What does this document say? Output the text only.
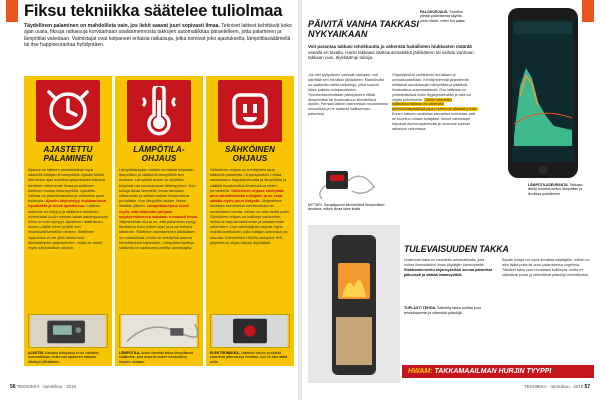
Fiksu tekniikka säätelee tuliolmaa
Täydellinen palaminen on mahdollista vain, jos liekit saavat juuri sopivasti ilmaa. Tekniset laitteet kehittävät koko ajan uusia, fiksuja ratkaisuja korvaamaan saalaamennosta takkojen automatiikkaa parantelleen, jotta palaminen ja lämpötilat valvotaan. Valmistajat ovat kelpaneet erilaisia ratkaisuja, jotka toimivat joko ajastuksella, lämpötilasäätimellä tai itse happiseurantaa hyödyntäen.
AJASTETTU
PALAMINEN
Ajastus on laitteen yksinkertaisin tapa säädellä tulisijan ilmansyöttöä. Ajastin tietää, että tietyn ajan kuluttua syttymisestä tulipesä tarvitsee vähemmän ilmaa ja säätimen kaktinen nostaa ilmansyöttöä. Ajastettu hallinta on yksinkertaisinta ja vähentää puun kulutusta. Ajastin käynnistyy sisäänantoon lepotilasta ja toimii ajastimena. Laitteen asennus on helppo ja säätimen edullinen; esimerkiksi kodin vanhan takan sahanpuruvan hinta on noin kymppi. Ajastimen laitat takan luukun päälle kiinni ja jätät sen ilmansyöttöventtiilin viereen. Säätimen lopputulos ei ole yhtä tarkka kuin älykkäämpien järjestelmien, mutta se toimii myös sähkökatkon aikana.
AJASTIN. Kaikissa tulisijoissa ei ole valmiiksi automatiikkaa, mutta saa ajastimen takkaan kävelyyn jälkikäteen.
LÄMPÖTILA-
OHJAUS
Lämpötilaohjattu säädin tunnistaa tulipesän lämpötilan ja säätää ilmansyöttöä sen mukaan. Lämpötila-anturi on sijoitettu tulipesän tai savukanavan läheisyyteen. Kun tulisija alkaa lämmetä, ilmaa tarvitaan vähemmän ja säädin sulkee ilmaluukkua portaittain. Kun lämpötila laskee, ilmaa lisätään jälleen. Lämpötilaohjaus toimii myös, että tulipesän pohjaan sytytysvaiheessa saadaan runsaasti ilmaa. Järjestelmän etuna on, että palaminen pysyy tasaisena koko poltan ajan ja puun kulutus vähenee. Säätimen asentaminen jälkikäteen on mahdollista, mutta se edellyttää anturin kiinnittämistä tulipesään. Lämpötilaohjattuja säätimiä on saatavana useilta valmistajilta.
LÄMPÖTILA. Anturi lähettää tietoa lämpötilasta säätimelle, joka avaa tai sulkee ilmaluukkua tarpeen mukaan.
SÄHKÖINEN
OHJAUS
Sähköinen ohjaus on kehittynein tapa säädellä palamista. Ohjausyksikkö mittaa savukaasun happipitoisuutta ja lämpötilaa ja säätää moottoroitua ilmaluukkua niiden perusteella. Sähköinen ohjaus edellyttää aina sähköliitäntää tulisijalle ja se osaa säätää myös puun lisäystä. Järjestelmä ilmoittaa esimerkiksi merkkivalolla tai sovelluksen kautta, milloin on aika lisätä puita. Sähköinen ohjaus on kalliimpi vaihtoehto, mutta se tarjoaa tarkimman ja tasaisimman palamisen. Osa valmistajista tarjoaa myös mobiilisovelluksen, jolla tulisijan toimintaa voi seurata. Esimerkiksi HWAM-Autopilot IHS-järjestelmä ohjaa takkaa älykkäästi.
ELEKTRONIIKKA. Laitteisto valvoo ja säätää palamista jatkuvasti ja ilmoittaa, kun on aika lisätä puita.
56 TEKNIIKKA · tammikuu · 2019
PÄIVITÄ VANHA TAKKASI
NYKYAIKAAN
Voit parantaa takkasi tehokkuutta ja vähentää haitallisten hiukkasten määrää usealla eri tavalla. Hanki takkaasi säätöautomatiikka jälkikäteen tai vaihda vanhaan takkaan uusi, älykkäämpi tulisija.
Jos olet tyytyväinen vanhaan takkaasi, voit päivittää sen tekniikan jälkikäteen. Markkinoilla on saatavilla useita ratkaisuja, jotka sopivat lähes kaikkiin tulisijamalleihin. Yksinkertaisimmillaan päivitykseen riittää lämpömittari tai ilmaluukkuun kiinnitettävä ajastin. Parhaat laitteet asennetaan muutamassa minuutissa ja ne auttavat hallitsemaan palamista.
Ohjausyksiköt vaihtelevat hinnaltaan ja ominaisuuksiltaan. Kehittyneimmät järjestelmät mittaavat savukaasujen lämpötilaa ja säätävät ilmaluukkua automaattisesti. Osa laitteista on yhdistettävissä kodin älyjärjestelmään ja niitä voi ohjata puhelimella. Oikein toteutettu säätöautomatiikka voi vähentää pienhiukkaspäästöjä jopa puoleen ja säästää puuta. Ennen laitteen hankintaa kannattaa varmistaa, että se soveltuu omaan tulisijaasi. Monet valmistajat tarjoavat asennuspalveluita ja neuvovat sopivan ratkaisun valinnassa.
MITTARI. Savupiippuun kiinnitettävä lämpömittari ilmoittaa, milloin ilmaa tulee lisätä.
PALOKORJAUS. Sovellus piirtää palamisesta käyrän, josta näkee, miten tuli palaa.
LÄMPÖTILASEURANTA. Takkaan liitetty sovellus kertoo lämpötilan ja ilmoittaa puhelimeen.
TULEVAISUUDEN TAKKA
Uusimmat takat on varustettu automatiikalla, joka hoitaa ilmansäädön ilman käyttäjän toimenpiteitä. Sisäänrakennettu ohjausyksikkö seuraa palamista jatkuvasti ja säätää ilmansyöttöä.
Älykäs tulisija voi myös ilmoittaa käyttäjälle, milloin on aika lisätä puita tai onko palamisessa ongelmia. Tällaiset takat ovat hinnaltaan kalliimpia, mutta ne säästävät puuta ja vähentävät päästöjä merkittävästi.
TUPLASTI TEHOA. Säädetty takka polttaa puut tehokkaammin ja vähentää päästöjä.
HWAM: TAKKAMAAILMAN HURJIN TYYPPI
TEKNIIKKA · tammikuu · 2019 57
